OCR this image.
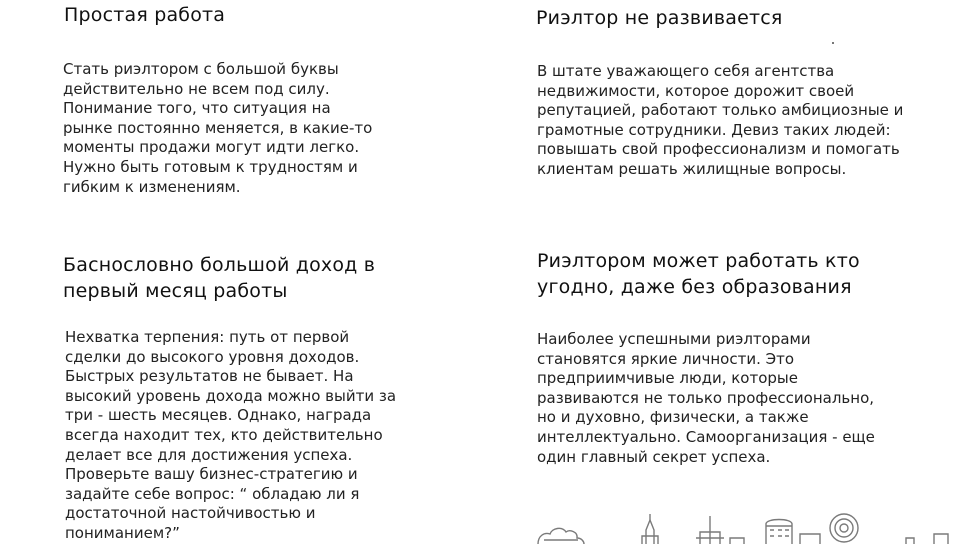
Простая работа

Стать риэлтором с большой буквы
действительно не всем под силу.
Понимание того, что ситуация на
рынке постоянно меняется, в какие-то
моменты продажи могут идти легко.
Нужно быть готовым к трудностям и
гибким к изменениям.

Риэлтор не развивается

В штате уважающего себя агентства
недвижимости, которое дорожит своей
репутацией, работают только амбициозные и
грамотные сотрудники. Девиз таких людей:
повышать свой профессионализм и помогать
клиентам решать жилищные вопросы.

Баснословно большой доход в
первый месяц работы

Нехватка терпения: путь от первой
сделки до высокого уровня доходов.
Быстрых результатов не бывает. На
высокий уровень дохода можно выйти за
три - шесть месяцев. Однако, награда
всегда находит тех, кто действительно
делает все для достижения успеха.
Проверьте вашу бизнес-стратегию и
задайте себе вопрос: “ обладаю ли я
достаточной настойчивостью и
пониманием?”

Риэлтором может работать кто
угодно, даже без образования

Наиболее успешными риэлторами
становятся яркие личности. Это
предприимчивые люди, которые
развиваются не только профессионально,
но и духовно, физически, а также
интеллектуально. Самоорганизация - еще
один главный секрет успеха.
